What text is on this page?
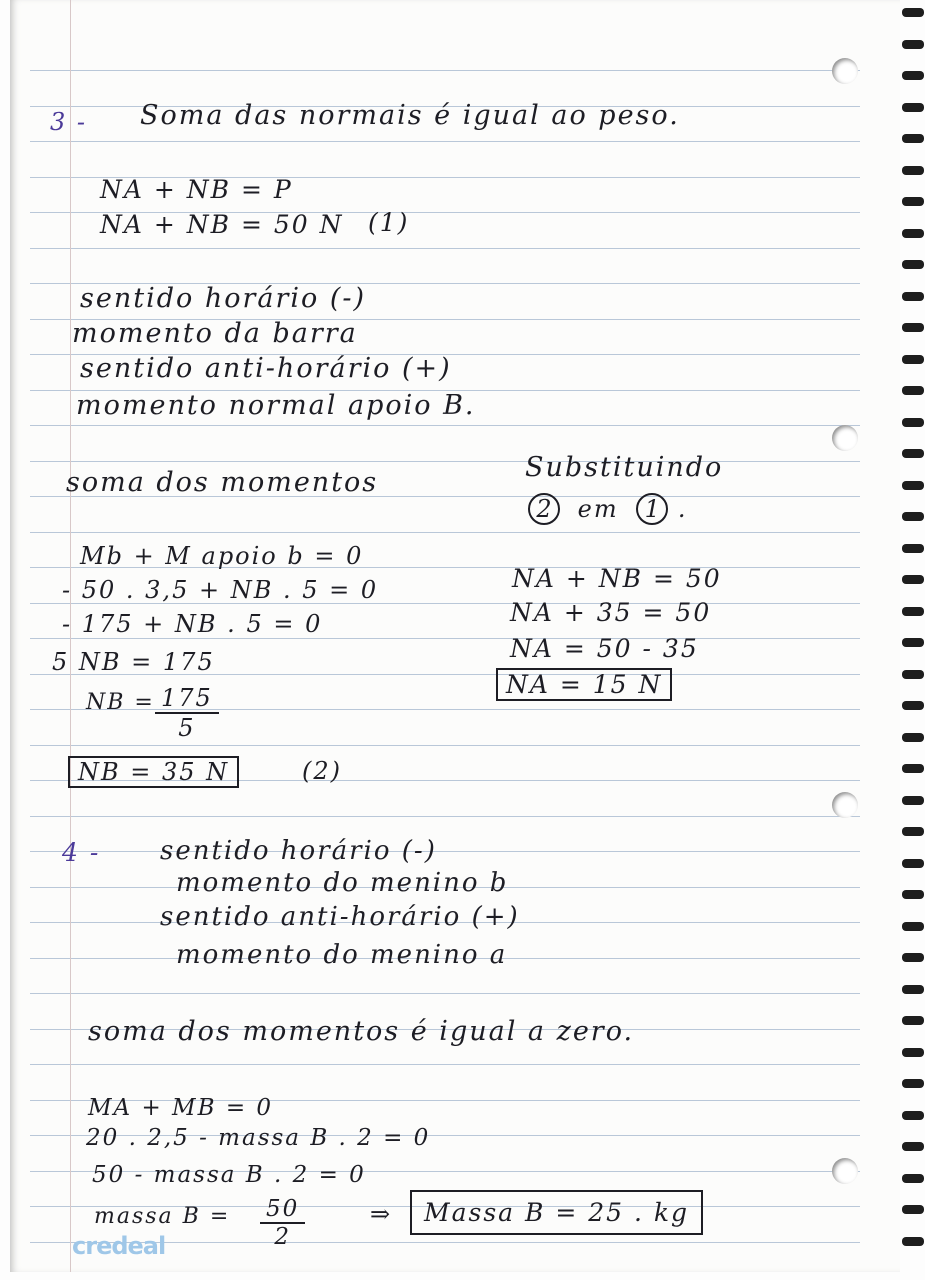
3 - Soma das normais é igual ao peso.
NA + NB = P
NA + NB = 50 N (1)
sentido horário (-)
momento da barra
sentido anti-horário (+)
momento normal apoio B.
soma dos momentos
Mb + M apoio b = 0
- 50 . 3,5 + NB . 5 = 0
- 175 + NB . 5 = 0
5 NB = 175
NB = $\frac{175}{5}$
NB = 35 N	(2)
Substituindo
2 em 1 .
NA + NB = 50
NA + 35 = 50
NA = 50 - 35
NA = 15 N
4 - sentido horário (-)
momento do menino b
sentido anti-horário (+)
momento do menino a
soma dos momentos é igual a zero.
MA + MB = 0
20 . 2,5 - massa B . 2 = 0
50 - massa B . 2 = 0
massa $B = \frac{50}{2}$	⇒	Massa B = 25 . kg
credeal
